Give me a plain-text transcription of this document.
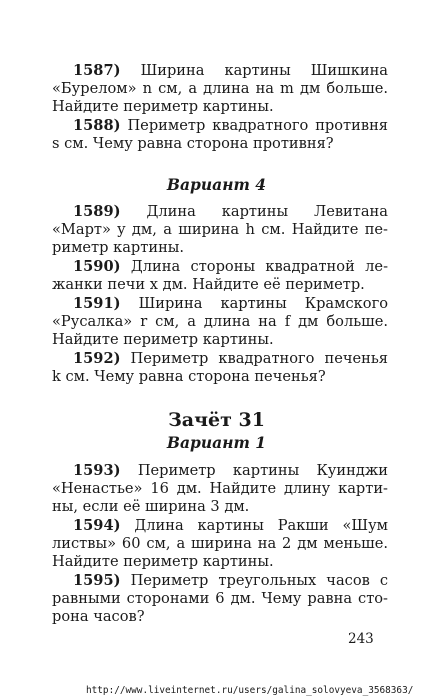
1587) Ширина картины Шишкина
«Бурелом» n см, а длина на m дм больше.
Найдите периметр картины.
1588) Периметр квадратного противня
s см. Чему равна сторона противня?
Вариант 4
1589) Длина картины Левитана
«Март» y дм, а ширина h см. Найдите пе-
риметр картины.
1590) Длина стороны квадратной ле-
жанки печи x дм. Найдите её периметр.
1591) Ширина картины Крамского
«Русалка» r см, а длина на f дм больше.
Найдите периметр картины.
1592) Периметр квадратного печенья
k см. Чему равна сторона печенья?
Зачёт 31
Вариант 1
1593) Периметр картины Куинджи
«Ненастье» 16 дм. Найдите длину карти-
ны, если её ширина 3 дм.
1594) Длина картины Ракши «Шум
листвы» 60 см, а ширина на 2 дм меньше.
Найдите периметр картины.
1595) Периметр треугольных часов с
равными сторонами 6 дм. Чему равна сто-
рона часов?
243
http://www.liveinternet.ru/users/galina_solovyeva_3568363/
